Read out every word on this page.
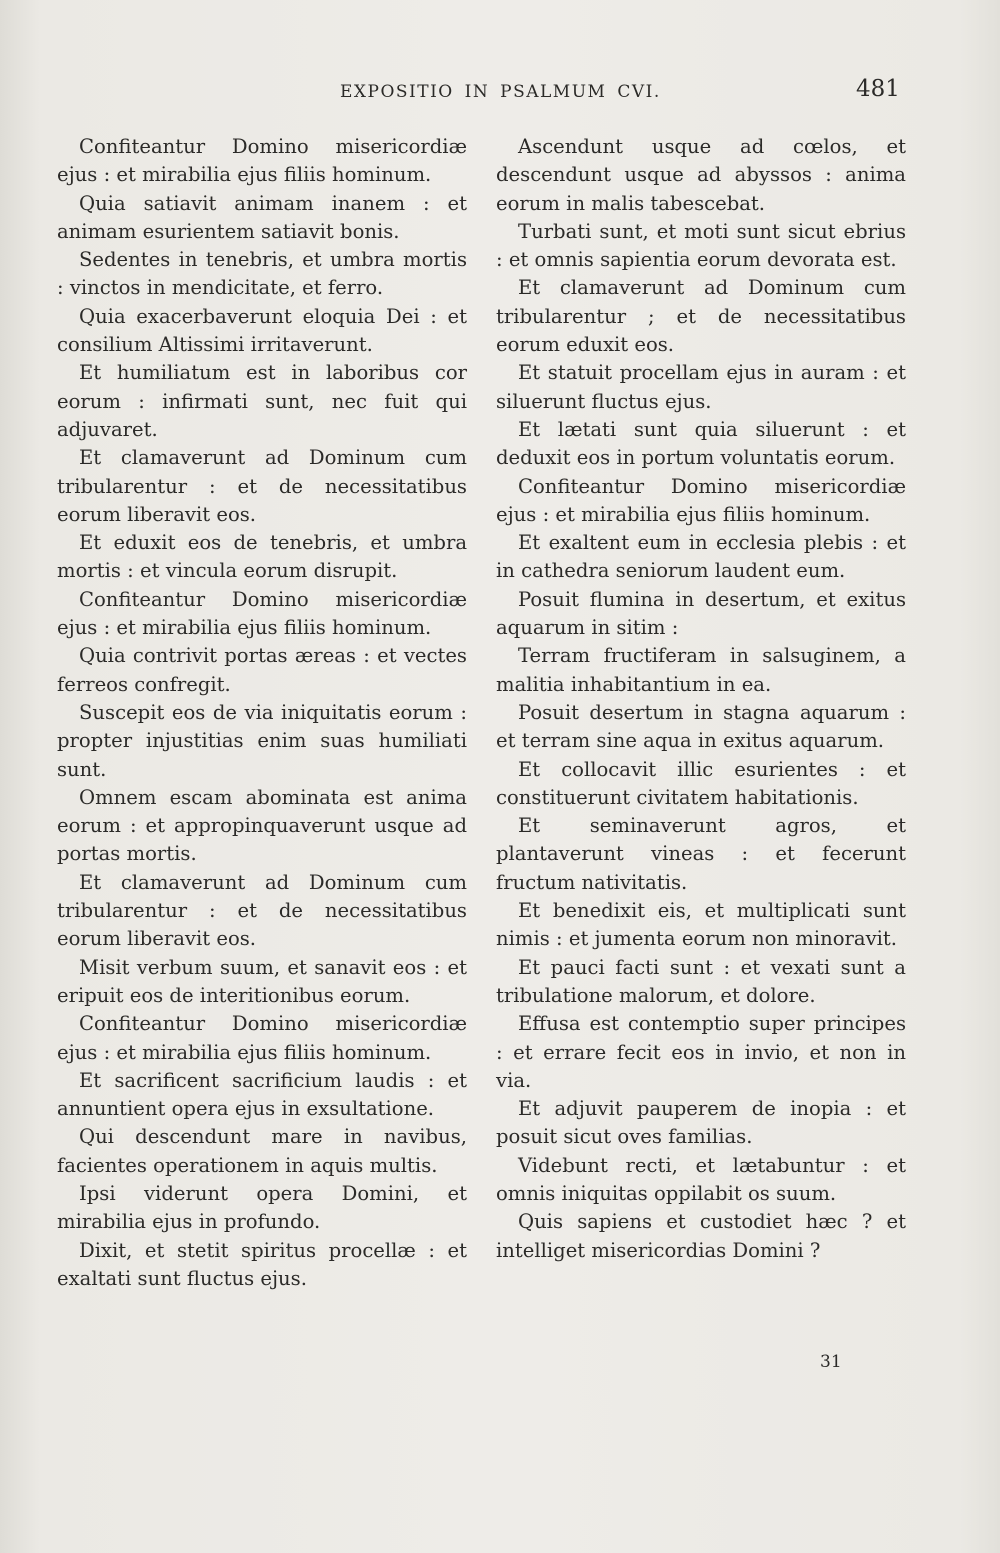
EXPOSITIO IN PSALMUM CVI.	481

Confiteantur Domino misericordiæ ejus : et mirabilia ejus filiis hominum.

Quia satiavit animam inanem : et animam esurientem satiavit bonis.

Sedentes in tenebris, et umbra mortis : vinctos in mendicitate, et ferro.

Quia exacerbaverunt eloquia Dei : et consilium Altissimi irritaverunt.

Et humiliatum est in laboribus cor eorum : infirmati sunt, nec fuit qui adjuvaret.

Et clamaverunt ad Dominum cum tribularentur : et de necessitatibus eorum liberavit eos.

Et eduxit eos de tenebris, et umbra mortis : et vincula eorum disrupit.

Confiteantur Domino misericordiæ ejus : et mirabilia ejus filiis hominum.

Quia contrivit portas æreas : et vectes ferreos confregit.

Suscepit eos de via iniquitatis eorum : propter injustitias enim suas humiliati sunt.

Omnem escam abominata est anima eorum : et appropinquaverunt usque ad portas mortis.

Et clamaverunt ad Dominum cum tribularentur : et de necessitatibus eorum liberavit eos.

Misit verbum suum, et sanavit eos : et eripuit eos de interitionibus eorum.

Confiteantur Domino misericordiæ ejus : et mirabilia ejus filiis hominum.

Et sacrificent sacrificium laudis : et annuntient opera ejus in exsultatione.

Qui descendunt mare in navibus, facientes operationem in aquis multis.

Ipsi viderunt opera Domini, et mirabilia ejus in profundo.

Dixit, et stetit spiritus procellæ : et exaltati sunt fluctus ejus.

Ascendunt usque ad cœlos, et descendunt usque ad abyssos : anima eorum in malis tabescebat.

Turbati sunt, et moti sunt sicut ebrius : et omnis sapientia eorum devorata est.

Et clamaverunt ad Dominum cum tribularentur ; et de necessitatibus eorum eduxit eos.

Et statuit procellam ejus in auram : et siluerunt fluctus ejus.

Et lætati sunt quia siluerunt : et deduxit eos in portum voluntatis eorum.

Confiteantur Domino misericordiæ ejus : et mirabilia ejus filiis hominum.

Et exaltent eum in ecclesia plebis : et in cathedra seniorum laudent eum.

Posuit flumina in desertum, et exitus aquarum in sitim :

Terram fructiferam in salsuginem, a malitia inhabitantium in ea.

Posuit desertum in stagna aquarum : et terram sine aqua in exitus aquarum.

Et collocavit illic esurientes : et constituerunt civitatem habitationis.

Et seminaverunt agros, et plantaverunt vineas : et fecerunt fructum nativitatis.

Et benedixit eis, et multiplicati sunt nimis : et jumenta eorum non minoravit.

Et pauci facti sunt : et vexati sunt a tribulatione malorum, et dolore.

Effusa est contemptio super principes : et errare fecit eos in invio, et non in via.

Et adjuvit pauperem de inopia : et posuit sicut oves familias.

Videbunt recti, et lætabuntur : et omnis iniquitas oppilabit os suum.

Quis sapiens et custodiet hæc ? et intelliget misericordias Domini ?

31
